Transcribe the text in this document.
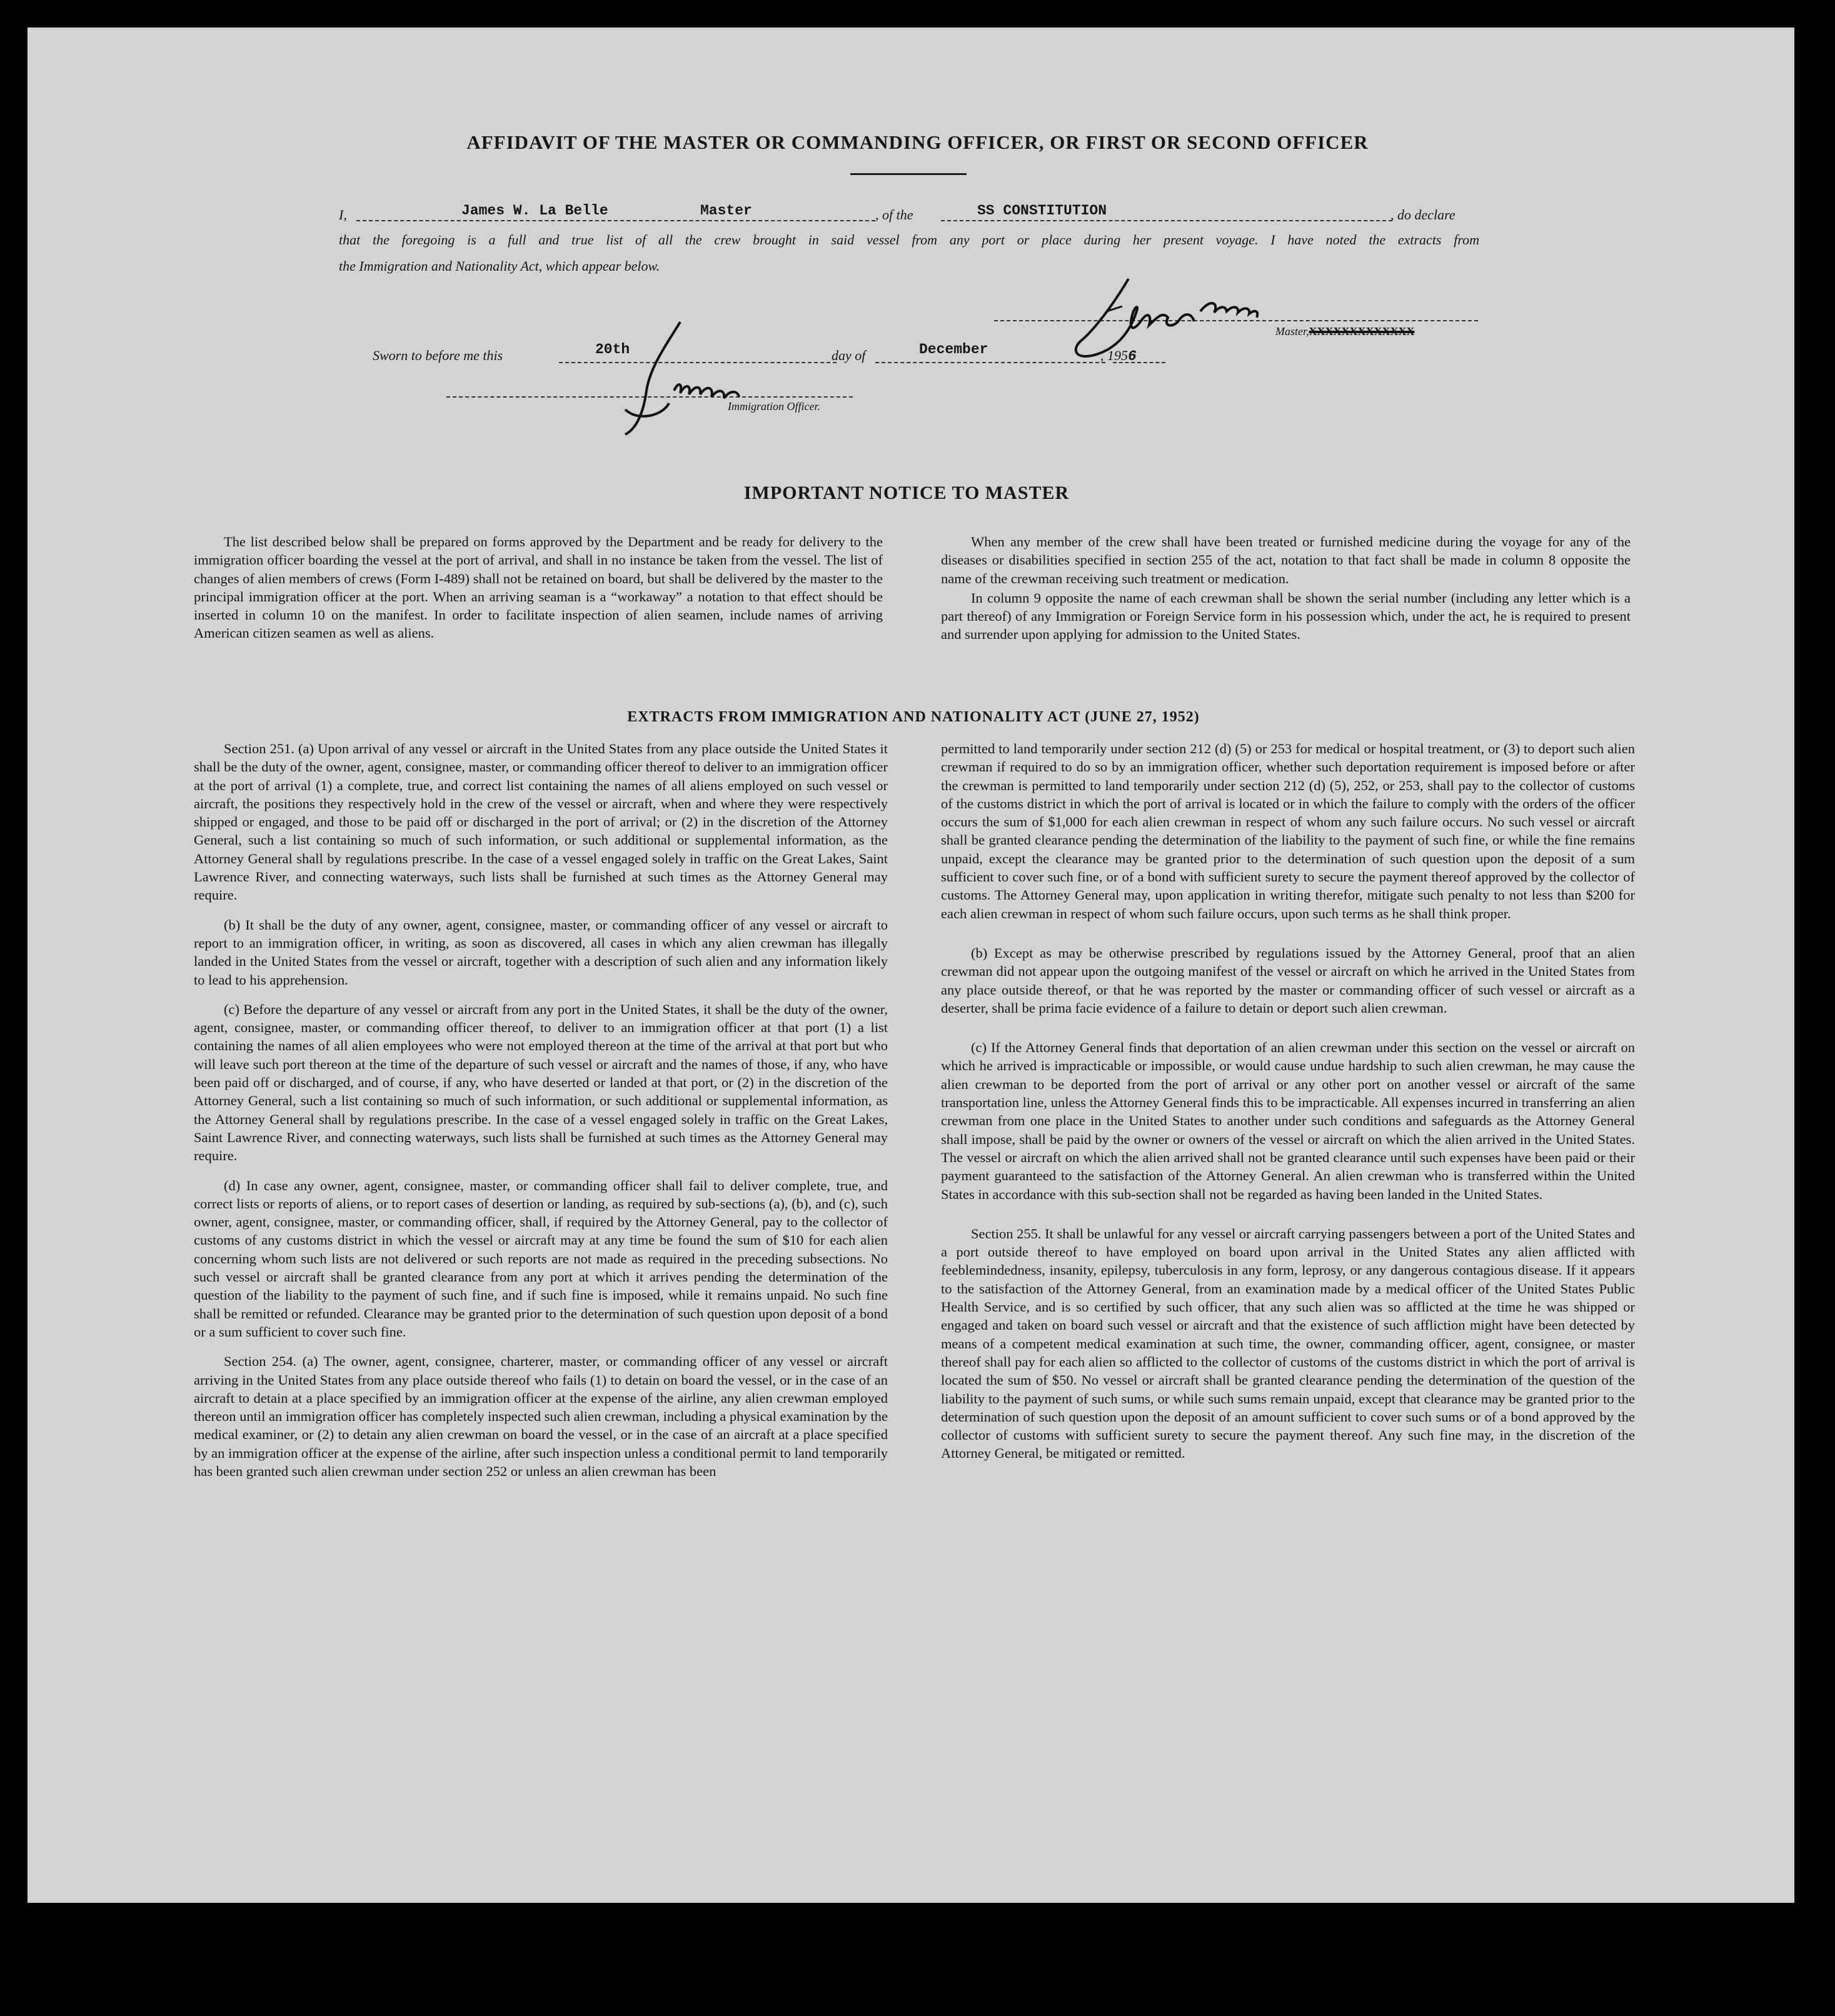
AFFIDAVIT OF THE MASTER OR COMMANDING OFFICER, OR FIRST OR SECOND OFFICER
I,	James W. La Belle	Master	, of the	SS CONSTITUTION	, do declare
that the foregoing is a full and true list of all the crew brought in said vessel from any port or place during her present voyage. I have noted the extracts from
the Immigration and Nationality Act, which appear below.
Master,XXXXXXXXXXXXX
Sworn to before me this	20th	day of	December	, 1956
Immigration Officer.
IMPORTANT NOTICE TO MASTER

The list described below shall be prepared on forms approved by the Department and be ready for delivery to the immigration officer boarding the vessel at the port of arrival, and shall in no instance be taken from the vessel. The list of changes of alien members of crews (Form I-489) shall not be retained on board, but shall be delivered by the master to the principal immigration officer at the port. When an arriving seaman is a “workaway” a notation to that effect should be inserted in column 10 on the manifest. In order to facilitate inspection of alien seamen, include names of arriving American citizen seamen as well as aliens.

When any member of the crew shall have been treated or furnished medicine during the voyage for any of the diseases or disabilities specified in section 255 of the act, notation to that fact shall be made in column 8 opposite the name of the crewman receiving such treatment or medication.

In column 9 opposite the name of each crewman shall be shown the serial number (including any letter which is a part thereof) of any Immigration or Foreign Service form in his possession which, under the act, he is required to present and surrender upon applying for admission to the United States.

EXTRACTS FROM IMMIGRATION AND NATIONALITY ACT (JUNE 27, 1952)

Section 251. (a) Upon arrival of any vessel or aircraft in the United States from any place outside the United States it shall be the duty of the owner, agent, consignee, master, or commanding officer thereof to deliver to an immigration officer at the port of arrival (1) a complete, true, and correct list containing the names of all aliens employed on such vessel or aircraft, the positions they respectively hold in the crew of the vessel or aircraft, when and where they were respectively shipped or engaged, and those to be paid off or discharged in the port of arrival; or (2) in the discretion of the Attorney General, such a list containing so much of such information, or such additional or supplemental information, as the Attorney General shall by regulations prescribe. In the case of a vessel engaged solely in traffic on the Great Lakes, Saint Lawrence River, and connecting waterways, such lists shall be furnished at such times as the Attorney General may require.

(b) It shall be the duty of any owner, agent, consignee, master, or commanding officer of any vessel or aircraft to report to an immigration officer, in writing, as soon as discovered, all cases in which any alien crewman has illegally landed in the United States from the vessel or aircraft, together with a description of such alien and any information likely to lead to his apprehension.

(c) Before the departure of any vessel or aircraft from any port in the United States, it shall be the duty of the owner, agent, consignee, master, or commanding officer thereof, to deliver to an immigration officer at that port (1) a list containing the names of all alien employees who were not employed thereon at the time of the arrival at that port but who will leave such port thereon at the time of the departure of such vessel or aircraft and the names of those, if any, who have been paid off or discharged, and of course, if any, who have deserted or landed at that port, or (2) in the discretion of the Attorney General, such a list containing so much of such information, or such additional or supplemental information, as the Attorney General shall by regulations prescribe. In the case of a vessel engaged solely in traffic on the Great Lakes, Saint Lawrence River, and connecting waterways, such lists shall be furnished at such times as the Attorney General may require.

(d) In case any owner, agent, consignee, master, or commanding officer shall fail to deliver complete, true, and correct lists or reports of aliens, or to report cases of desertion or landing, as required by sub-sections (a), (b), and (c), such owner, agent, consignee, master, or commanding officer, shall, if required by the Attorney General, pay to the collector of customs of any customs district in which the vessel or aircraft may at any time be found the sum of $10 for each alien concerning whom such lists are not delivered or such reports are not made as required in the preceding subsections. No such vessel or aircraft shall be granted clearance from any port at which it arrives pending the determination of the question of the liability to the payment of such fine, and if such fine is imposed, while it remains unpaid. No such fine shall be remitted or refunded. Clearance may be granted prior to the determination of such question upon deposit of a bond or a sum sufficient to cover such fine.

Section 254. (a) The owner, agent, consignee, charterer, master, or commanding officer of any vessel or aircraft arriving in the United States from any place outside thereof who fails (1) to detain on board the vessel, or in the case of an aircraft to detain at a place specified by an immigration officer at the expense of the airline, any alien crewman employed thereon until an immigration officer has completely inspected such alien crewman, including a physical examination by the medical examiner, or (2) to detain any alien crewman on board the vessel, or in the case of an aircraft at a place specified by an immigration officer at the expense of the airline, after such inspection unless a conditional permit to land temporarily has been granted such alien crewman under section 252 or unless an alien crewman has been

permitted to land temporarily under section 212 (d) (5) or 253 for medical or hospital treatment, or (3) to deport such alien crewman if required to do so by an immigration officer, whether such deportation requirement is imposed before or after the crewman is permitted to land temporarily under section 212 (d) (5), 252, or 253, shall pay to the collector of customs of the customs district in which the port of arrival is located or in which the failure to comply with the orders of the officer occurs the sum of $1,000 for each alien crewman in respect of whom any such failure occurs. No such vessel or aircraft shall be granted clearance pending the determination of the liability to the payment of such fine, or while the fine remains unpaid, except the clearance may be granted prior to the determination of such question upon the deposit of a sum sufficient to cover such fine, or of a bond with sufficient surety to secure the payment thereof approved by the collector of customs. The Attorney General may, upon application in writing therefor, mitigate such penalty to not less than $200 for each alien crewman in respect of whom such failure occurs, upon such terms as he shall think proper.

(b) Except as may be otherwise prescribed by regulations issued by the Attorney General, proof that an alien crewman did not appear upon the outgoing manifest of the vessel or aircraft on which he arrived in the United States from any place outside thereof, or that he was reported by the master or commanding officer of such vessel or aircraft as a deserter, shall be prima facie evidence of a failure to detain or deport such alien crewman.

(c) If the Attorney General finds that deportation of an alien crewman under this section on the vessel or aircraft on which he arrived is impracticable or impossible, or would cause undue hardship to such alien crewman, he may cause the alien crewman to be deported from the port of arrival or any other port on another vessel or aircraft of the same transportation line, unless the Attorney General finds this to be impracticable. All expenses incurred in transferring an alien crewman from one place in the United States to another under such conditions and safeguards as the Attorney General shall impose, shall be paid by the owner or owners of the vessel or aircraft on which the alien arrived in the United States. The vessel or aircraft on which the alien arrived shall not be granted clearance until such expenses have been paid or their payment guaranteed to the satisfaction of the Attorney General. An alien crewman who is transferred within the United States in accordance with this sub-section shall not be regarded as having been landed in the United States.

Section 255. It shall be unlawful for any vessel or aircraft carrying passengers between a port of the United States and a port outside thereof to have employed on board upon arrival in the United States any alien afflicted with feeblemindedness, insanity, epilepsy, tuberculosis in any form, leprosy, or any dangerous contagious disease. If it appears to the satisfaction of the Attorney General, from an examination made by a medical officer of the United States Public Health Service, and is so certified by such officer, that any such alien was so afflicted at the time he was shipped or engaged and taken on board such vessel or aircraft and that the existence of such affliction might have been detected by means of a competent medical examination at such time, the owner, commanding officer, agent, consignee, or master thereof shall pay for each alien so afflicted to the collector of customs of the customs district in which the port of arrival is located the sum of $50. No vessel or aircraft shall be granted clearance pending the determination of the question of the liability to the payment of such sums, or while such sums remain unpaid, except that clearance may be granted prior to the determination of such question upon the deposit of an amount sufficient to cover such sums or of a bond approved by the collector of customs with sufficient surety to secure the payment thereof. Any such fine may, in the discretion of the Attorney General, be mitigated or remitted.
